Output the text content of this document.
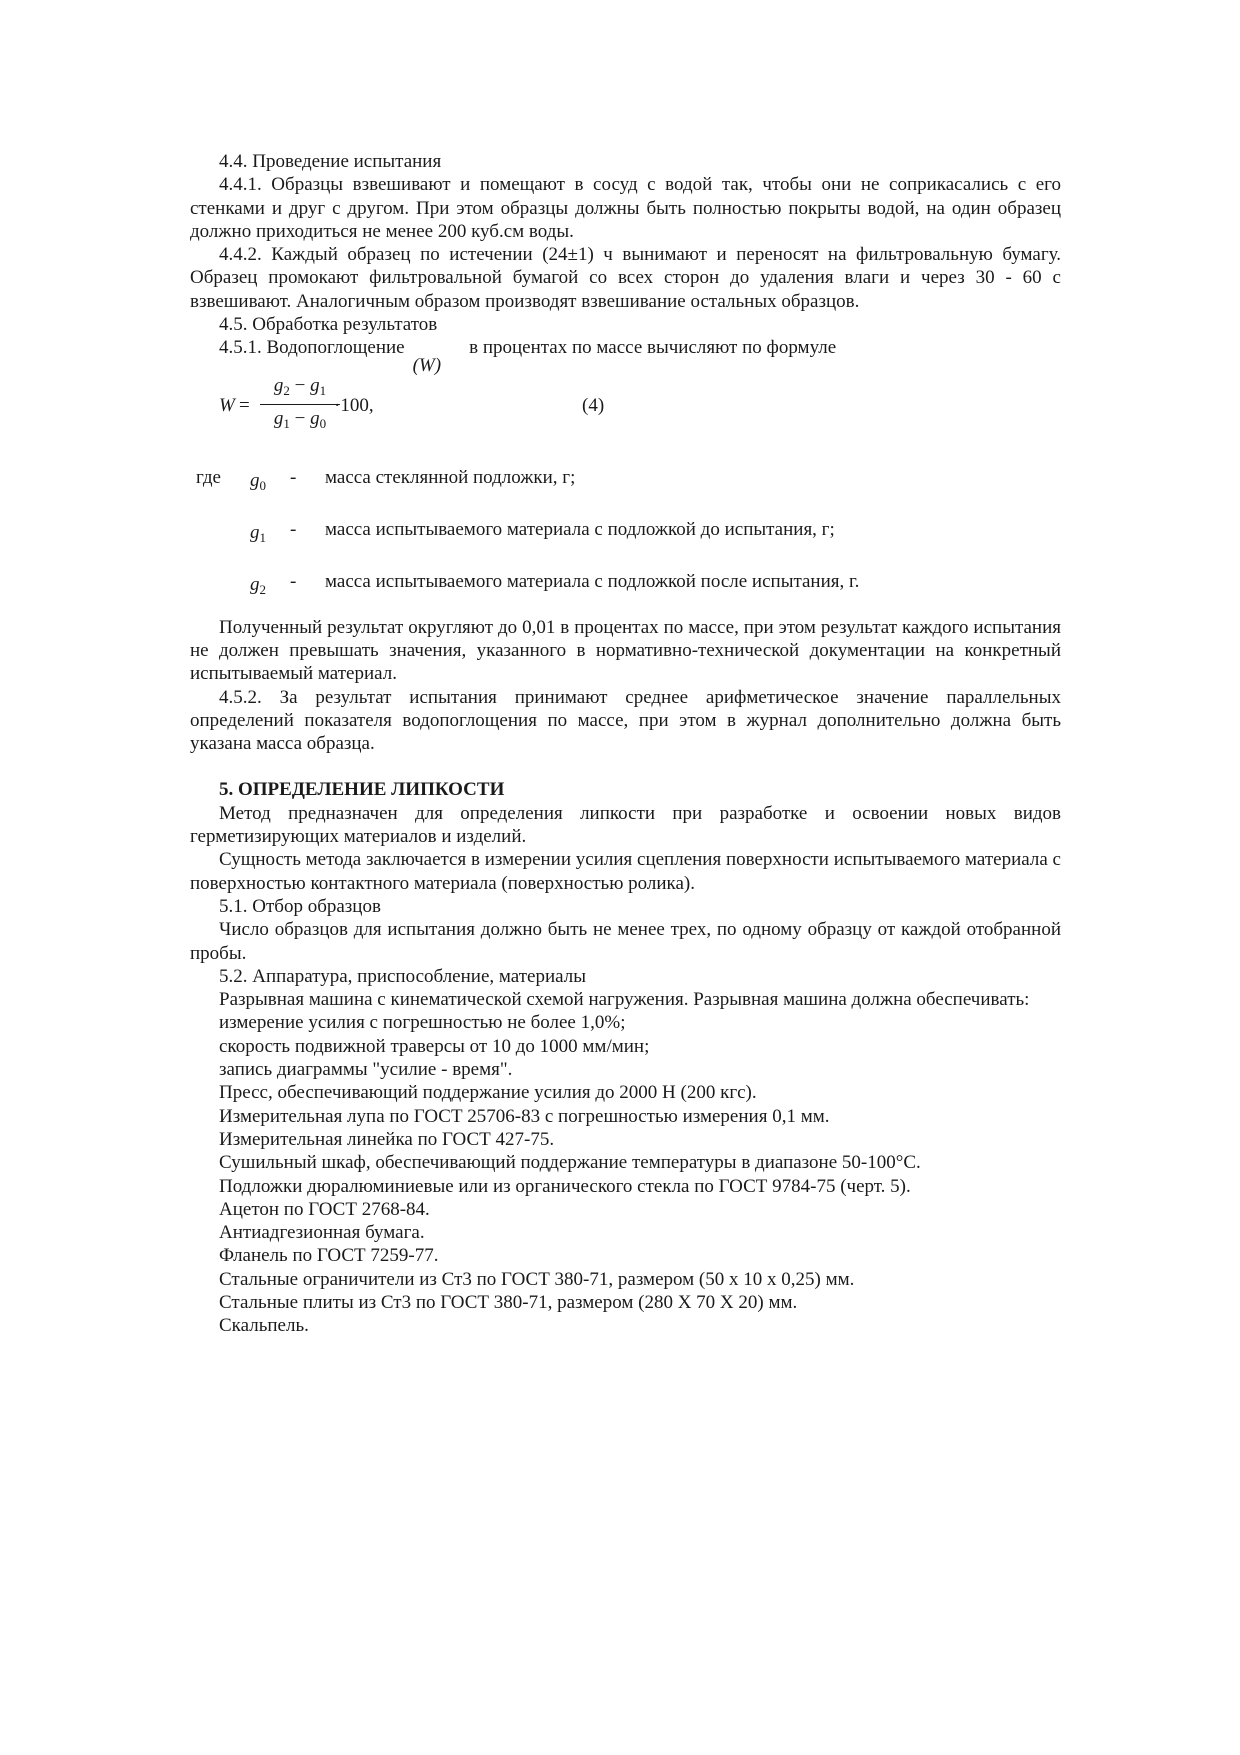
4.4. Проведение испытания

4.4.1. Образцы взвешивают и помещают в сосуд с водой так, чтобы они не соприкасались с его стенками и друг с другом. При этом образцы должны быть полностью покрыты водой, на один образец должно приходиться не менее 200 куб.см воды.

4.4.2. Каждый образец по истечении (24±1) ч вынимают и переносят на фильтровальную бумагу. Образец промокают фильтровальной бумагой со всех сторон до удаления влаги и через 30 - 60 с взвешивают. Аналогичным образом производят взвешивание остальных образцов.

4.5. Обработка результатов

4.5.1. Водопоглощение(W)в процентах по массе вычисляют по формуле

$W = \frac{g_2 - g_1}{g_1 - g_0}$
·100,	(4)
где $g_0$ - масса стеклянной подложки, г;
$g_1$ - масса испытываемого материала с подложкой до испытания, г;
$g_2$ - масса испытываемого материала с подложкой после испытания, г.

Полученный результат округляют до 0,01 в процентах по массе, при этом результат каждого испытания не должен превышать значения, указанного в нормативно-технической документации на конкретный испытываемый материал.

4.5.2. За результат испытания принимают среднее арифметическое значение параллельных определений показателя водопоглощения по массе, при этом в журнал дополнительно должна быть указана масса образца.

5. ОПРЕДЕЛЕНИЕ ЛИПКОСТИ

Метод предназначен для определения липкости при разработке и освоении новых видов герметизирующих материалов и изделий.

Сущность метода заключается в измерении усилия сцепления поверхности испытываемого материала с поверхностью контактного материала (поверхностью ролика).

5.1. Отбор образцов

Число образцов для испытания должно быть не менее трех, по одному образцу от каждой отобранной пробы.

5.2. Аппаратура, приспособление, материалы

Разрывная машина с кинематической схемой нагружения. Разрывная машина должна обеспечивать:

измерение усилия с погрешностью не более 1,0%;

скорость подвижной траверсы от 10 до 1000 мм/мин;

запись диаграммы "усилие - время".

Пресс, обеспечивающий поддержание усилия до 2000 Н (200 кгс).

Измерительная лупа по ГОСТ 25706-83 с погрешностью измерения 0,1 мм.

Измерительная линейка по ГОСТ 427-75.

Сушильный шкаф, обеспечивающий поддержание температуры в диапазоне 50-100°С.

Подложки дюралюминиевые или из органического стекла по ГОСТ 9784-75 (черт. 5).

Ацетон по ГОСТ 2768-84.

Антиадгезионная бумага.

Фланель по ГОСТ 7259-77.

Стальные ограничители из Ст3 по ГОСТ 380-71, размером (50 х 10 х 0,25) мм.

Стальные плиты из Ст3 по ГОСТ 380-71, размером (280 Х 70 Х 20) мм.

Скальпель.
